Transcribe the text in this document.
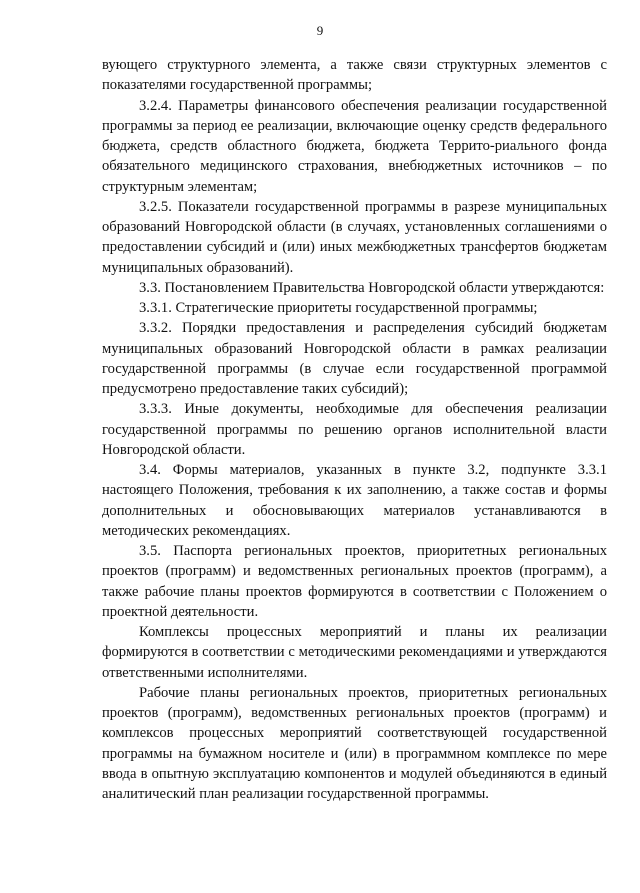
9

вующего структурного элемента, а также связи структурных элементов с показателями государственной программы;

3.2.4. Параметры финансового обеспечения реализации государственной программы за период ее реализации, включающие оценку средств федерального бюджета, средств областного бюджета, бюджета Террито-риального фонда обязательного медицинского страхования, внебюджетных источников – по структурным элементам;

3.2.5. Показатели государственной программы в разрезе муниципальных образований Новгородской области (в случаях, установленных соглашениями о предоставлении субсидий и (или) иных межбюджетных трансфертов бюджетам муниципальных образований).

3.3. Постановлением Правительства Новгородской области утверждаются:

3.3.1. Стратегические приоритеты государственной программы;

3.3.2. Порядки предоставления и распределения субсидий бюджетам муниципальных образований Новгородской области в рамках реализации государственной программы (в случае если государственной программой предусмотрено предоставление таких субсидий);

3.3.3. Иные документы, необходимые для обеспечения реализации государственной программы по решению органов исполнительной власти Новгородской области.

3.4. Формы материалов, указанных в пункте 3.2, подпункте 3.3.1 настоящего Положения, требования к их заполнению, а также состав и формы дополнительных и обосновывающих материалов устанавливаются в методических рекомендациях.

3.5. Паспорта региональных проектов, приоритетных региональных проектов (программ) и ведомственных региональных проектов (программ), а также рабочие планы проектов формируются в соответствии с Положением о проектной деятельности.

Комплексы процессных мероприятий и планы их реализации формируются в соответствии с методическими рекомендациями и утверждаются ответственными исполнителями.

Рабочие планы региональных проектов, приоритетных региональных проектов (программ), ведомственных региональных проектов (программ) и комплексов процессных мероприятий соответствующей государственной программы на бумажном носителе и (или) в программном комплексе по мере ввода в опытную эксплуатацию компонентов и модулей объединяются в единый аналитический план реализации государственной программы.
